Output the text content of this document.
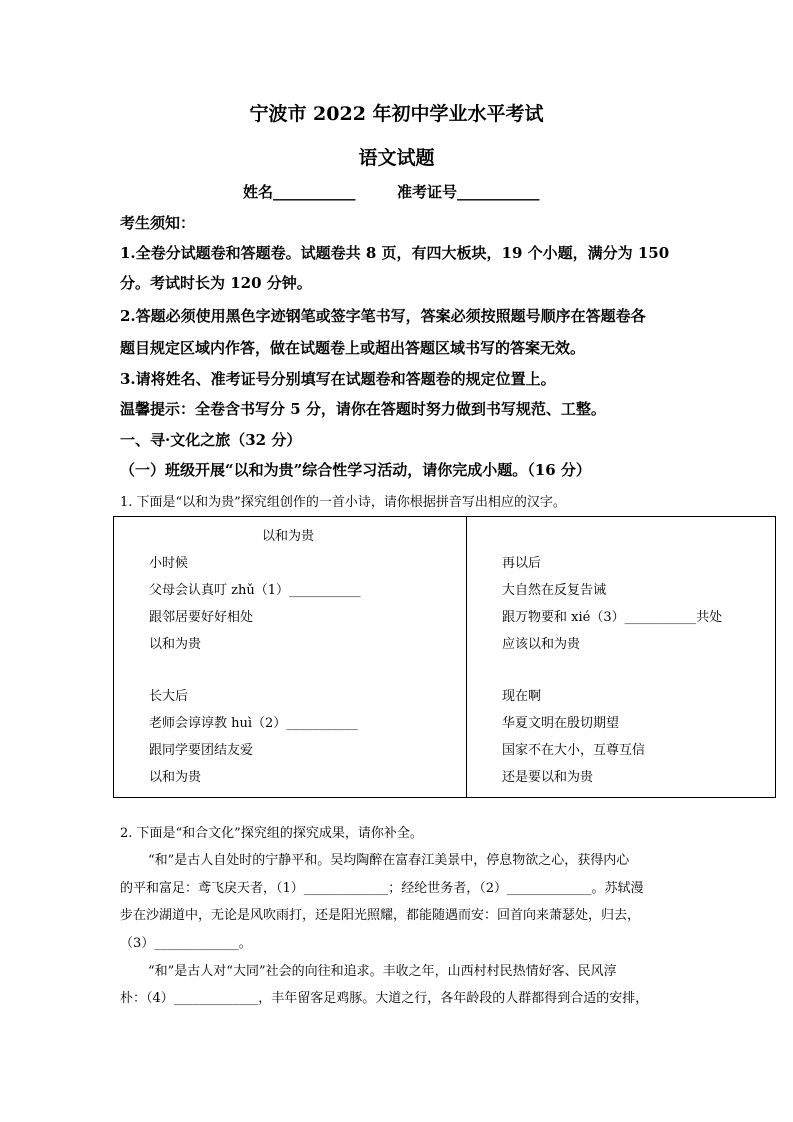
宁波市 2022 年初中学业水平考试
语文试题
姓名___________	准考证号___________
考生须知：
1.全卷分试题卷和答题卷。试题卷共 8 页，有四大板块，19 个小题，满分为 150
分。考试时长为 120 分钟。
2.答题必须使用黑色字迹钢笔或签字笔书写，答案必须按照题号顺序在答题卷各
题目规定区域内作答，做在试题卷上或超出答题区域书写的答案无效。
3.请将姓名、准考证号分别填写在试题卷和答题卷的规定位置上。
温馨提示：全卷含书写分 5 分，请你在答题时努力做到书写规范、工整。
一、寻·文化之旅（32 分）
（一）班级开展“以和为贵”综合性学习活动，请你完成小题。（16 分）
1. 下面是“以和为贵”探究组创作的一首小诗，请你根据拼音写出相应的汉字。
以和为贵
小时候
父母会认真叮 zhǔ（1）___________
跟邻居要好好相处
以和为贵
长大后
老师会谆谆教 huì（2）___________
跟同学要团结友爱
以和为贵
再以后
大自然在反复告诫
跟万物要和 xié（3）___________共处
应该以和为贵
现在啊
华夏文明在殷切期望
国家不在大小，互尊互信
还是要以和为贵
2. 下面是“和合文化”探究组的探究成果，请你补全。
“和”是古人自处时的宁静平和。吴均陶醉在富春江美景中，停息物欲之心，获得内心
的平和富足：鸢飞戾天者，（1）_____________；经纶世务者，（2）_____________。苏轼漫
步在沙湖道中，无论是风吹雨打，还是阳光照耀，都能随遇而安：回首向来萧瑟处，归去，
（3）_____________。
“和”是古人对“大同”社会的向往和追求。丰收之年，山西村村民热情好客、民风淳
朴：（4）_____________，丰年留客足鸡豚。大道之行，各年龄段的人群都得到合适的安排，
